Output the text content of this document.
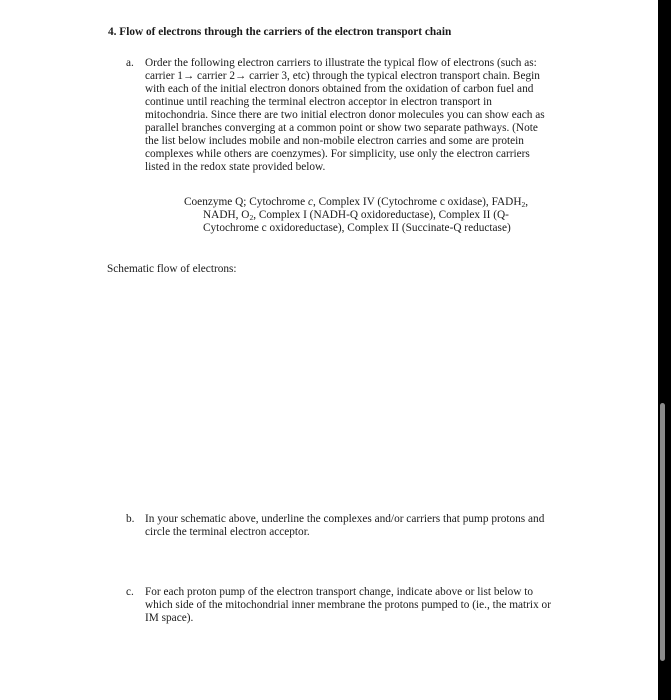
4. Flow of electrons through the carriers of the electron transport chain
a. Order the following electron carriers to illustrate the typical flow of electrons (such as:
carrier 1→ carrier 2→ carrier 3, etc) through the typical electron transport chain. Begin
with each of the initial electron donors obtained from the oxidation of carbon fuel and
continue until reaching the terminal electron acceptor in electron transport in
mitochondria. Since there are two initial electron donor molecules you can show each as
parallel branches converging at a common point or show two separate pathways. (Note
the list below includes mobile and non-mobile electron carries and some are protein
complexes while others are coenzymes). For simplicity, use only the electron carriers
listed in the redox state provided below.
Coenzyme Q; Cytochrome c, Complex IV (Cytochrome c oxidase), $FADH_2$,
NADH, $O_2$, Complex I (NADH-Q oxidoreductase), Complex II (Q-
Cytochrome c oxidoreductase), Complex II (Succinate-Q reductase)
Schematic flow of electrons:
b. In your schematic above, underline the complexes and/or carriers that pump protons and
circle the terminal electron acceptor.
c. For each proton pump of the electron transport change, indicate above or list below to
which side of the mitochondrial inner membrane the protons pumped to (ie., the matrix or
IM space).
